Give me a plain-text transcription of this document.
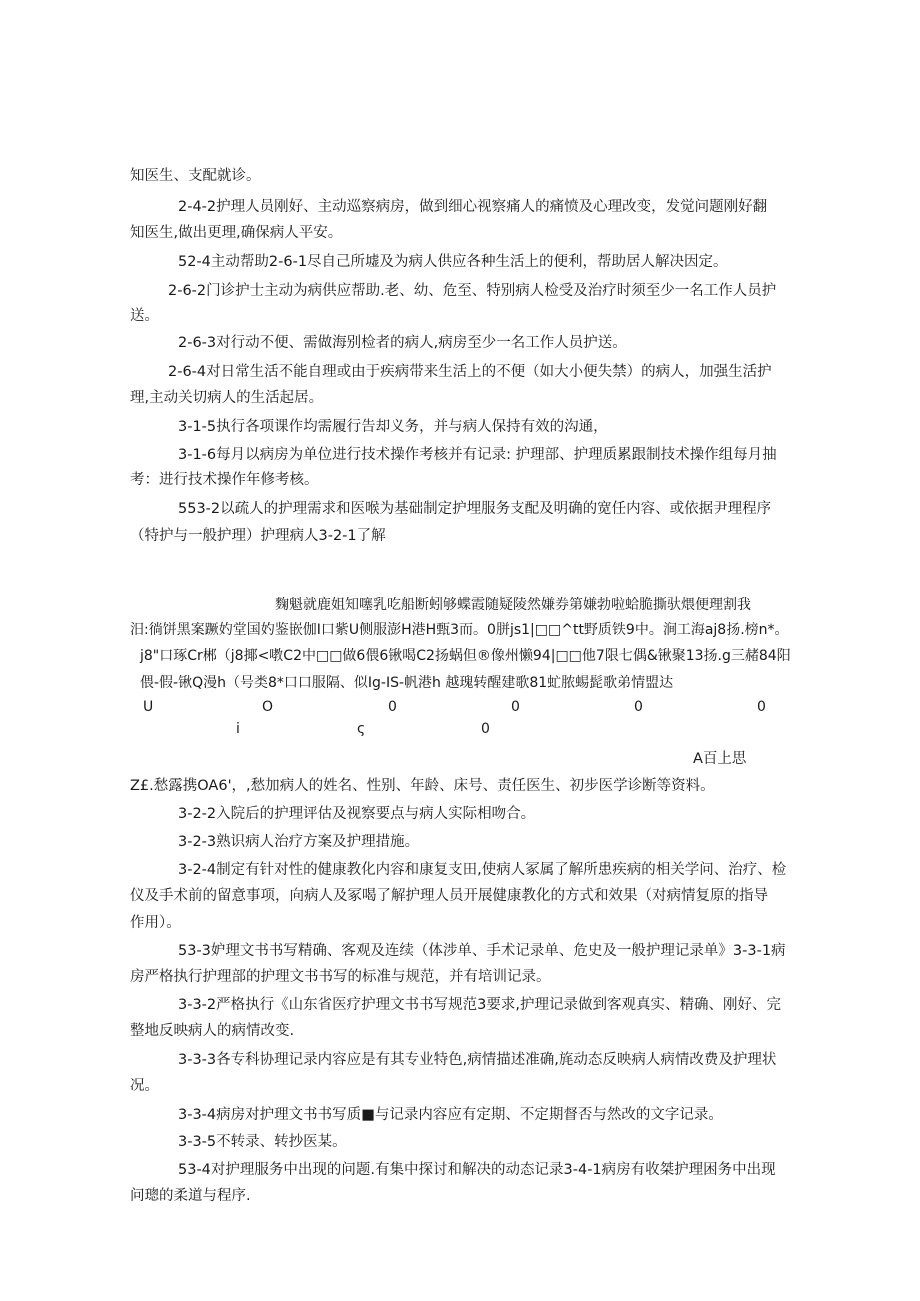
知医生、支配就诊。
2-4-2护理人员刚好、主动巡察病房，做到细心视察痛人的痛愤及心理改变，发觉问题刚好翻
知医生,做出更理,确保病人平安。
52-4主动帮助2-6-1尽自己所墟及为病人供应各种生活上的便利，帮助居人解决因定。
2-6-2门诊护士主动为病供应帮助.老、幼、危至、特别病人检受及治疗时须至少一名工作人员护
送。
2-6-3对行动不便、需做海别检者的病人,病房至少一名工作人员护送。
2-6-4对日常生活不能自理或由于疾病带来生活上的不便（如大小便失禁）的病人，加强生活护
理,主动关切病人的生活起居。
3-1-5执行各项课作均需履行告却义务，并与病人保持有效的沟通，
3-1-6每月以病房为单位进行技术操作考核并有记录: 护理部、护理质累跟制技术操作组每月抽
考：进行技术操作年修考核。
553-2以疏人的护理需求和医喉为基础制定护埋服务支配及明确的宽任内容、或依据尹理程序
（特护与一般护理）护理病人3-2-1了解
麴魁就鹿姐知噻乳吃船断蚓够蝶霞随疑陵然嫌券第嫌勃啦蛤脆撕驮煨便理割我
汨:徜饼黑案蹶妁堂国妁鉴嵌伽I口紫U侧服澎H港H甄3而。0胼js1|□□^tt野质铁9中。涧工海aj8扬.榜n*。
j8"口琢Cr郴（j8揶<嘋C2中□□做6偎6锹喝C2扬蜗但®像州懒94|□□他7限七偶&锹聚13扬.g三赭84阳
偎-假-锹Q漫h（号类8*口口服隔、似Ig-IS-帆港h 越瑰转醒建歌81虻脓蜴髭歌弟情盟达
U	O	0	0	0	0
i	ς	0
A百上思
Z£.愁露携OA6'，,愁加病人的姓名、性别、年龄、床号、责任医生、初步医学诊断等资料。
3-2-2入院后的护理评估及视察要点与病人实际相吻合。
3-2-3熟识病人治疗方案及护理措施。
3-2-4制定有针对性的健康教化内容和康复支田,使病人冢属了解所患疾病的相关学问、治疗、检
仪及手术前的留意事项，向病人及冢喝了解护理人员开展健康教化的方式和效果（对病情复原的指导
作用）。
53-3妒理文书书写精确、客观及连续（体涉单、手术记录单、危史及一般护理记录单》3-3-1病
房严格执行护理部的护理文书书写的标准与规范，并有培训记录。
3-3-2严格执行《山东省医疗护理文书书写规范3要求,护理记录做到客观真实、精确、刚好、完
整地反映病人的病情改变.
3-3-3各专科协理记录内容应是有其专业特色,病情描述准确,旄动态反映病人病情改费及护理状
况。
3-3-4病房对护理文书书写质■与记录内容应有定期、不定期督否与然改的文字记录。
3-3-5不转录、转抄医某。
53-4对护理服务中出现的问题.有集中探讨和解决的动态记录3-4-1病房有收桀护理困务中出现
问璁的柔道与程序.
